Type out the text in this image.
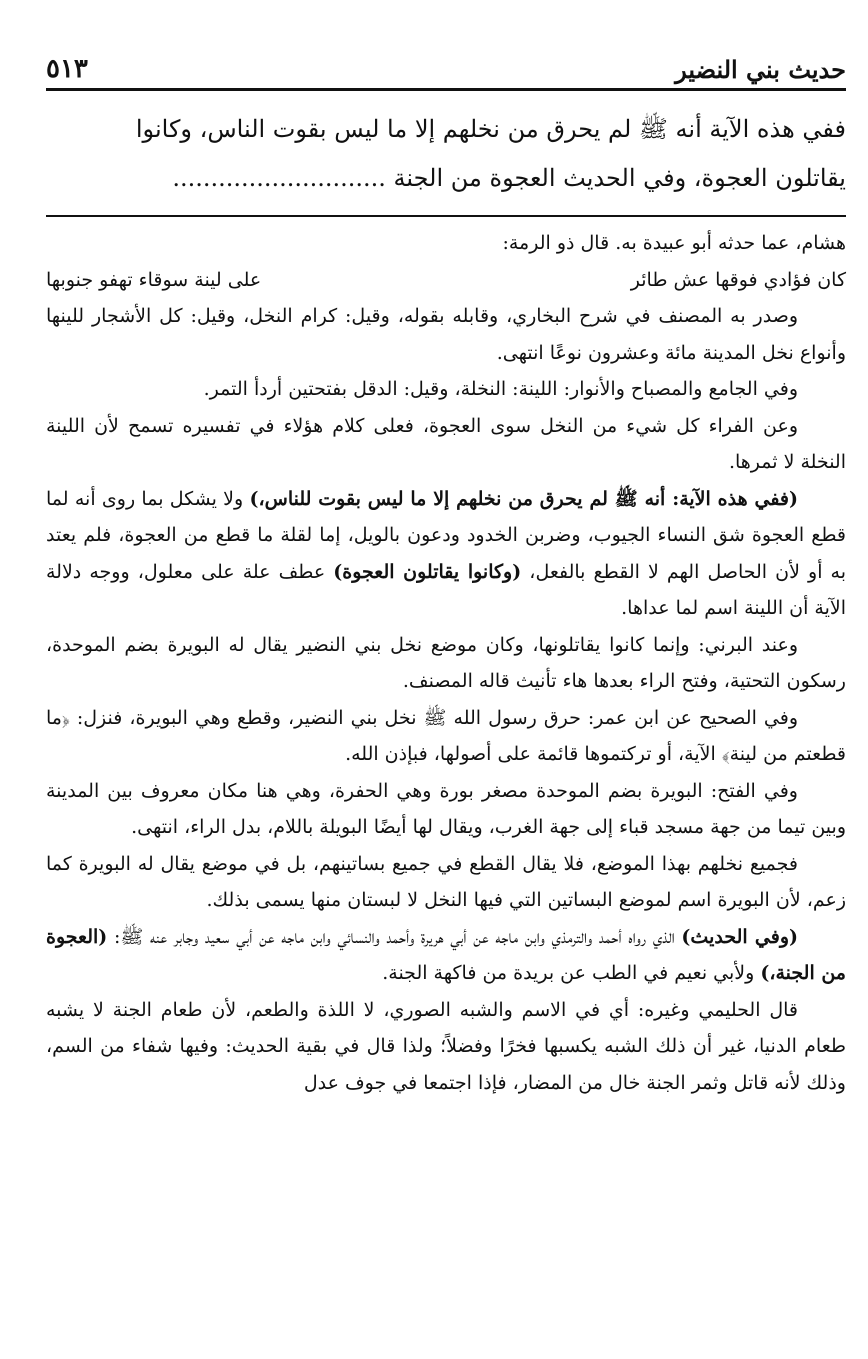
حديث بني النضير
٥١٣

ففي هذه الآية أنه ﷺ لم يحرق من نخلهم إلا ما ليس بقوت الناس، وكانوا

يقاتلون العجوة، وفي الحديث العجوة من الجنة ............................

هشام، عما حدثه أبو عبيدة به. قال ذو الرمة:

كان فؤادي فوقها عش طائر
على لينة سوقاء تهفو جنوبها

وصدر به المصنف في شرح البخاري، وقابله بقوله، وقيل: كرام النخل، وقيل: كل الأشجار للينها وأنواع نخل المدينة مائة وعشرون نوعًا انتهى.

وفي الجامع والمصباح والأنوار: اللينة: النخلة، وقيل: الدقل بفتحتين أردأ التمر.

وعن الفراء كل شيء من النخل سوى العجوة، فعلى كلام هؤلاء في تفسيره تسمح لأن اللينة النخلة لا ثمرها.

(ففي هذه الآية: أنه ﷺ لم يحرق من نخلهم إلا ما ليس بقوت للناس،) ولا يشكل بما روى أنه لما قطع العجوة شق النساء الجيوب، وضربن الخدود ودعون بالويل، إما لقلة ما قطع من العجوة، فلم يعتد به أو لأن الحاصل الهم لا القطع بالفعل، (وكانوا يقاتلون العجوة) عطف علة على معلول، ووجه دلالة الآية أن اللينة اسم لما عداها.

وعند البرني: وإنما كانوا يقاتلونها، وكان موضع نخل بني النضير يقال له البويرة بضم الموحدة، رسكون التحتية، وفتح الراء بعدها هاء تأنيث قاله المصنف.

وفي الصحيح عن ابن عمر: حرق رسول الله ﷺ نخل بني النضير، وقطع وهي البويرة، فنزل: ﴿ما قطعتم من لينة﴾ الآية، أو تركتموها قائمة على أصولها، فبإذن الله.

وفي الفتح: البويرة بضم الموحدة مصغر بورة وهي الحفرة، وهي هنا مكان معروف بين المدينة وبين تيما من جهة مسجد قباء إلى جهة الغرب، ويقال لها أيضًا البويلة باللام، بدل الراء، انتهى.

فجميع نخلهم بهذا الموضع، فلا يقال القطع في جميع بساتينهم، بل في موضع يقال له البويرة كما زعم، لأن البويرة اسم لموضع البساتين التي فيها النخل لا لبستان منها يسمى بذلك.

(وفي الحديث) الذي رواه أحمد والترمذي وابن ماجه عن أبي هريرة وأحمد والنسائي وابن ماجه عن أبي سعيد وجابر عنه ﷺ: (العجوة من الجنة،) ولأبي نعيم في الطب عن بريدة من فاكهة الجنة.

قال الحليمي وغيره: أي في الاسم والشبه الصوري، لا اللذة والطعم، لأن طعام الجنة لا يشبه طعام الدنيا، غير أن ذلك الشبه يكسبها فخرًا وفضلاً؛ ولذا قال في بقية الحديث: وفيها شفاء من السم، وذلك لأنه قاتل وثمر الجنة خال من المضار، فإذا اجتمعا في جوف عدل
